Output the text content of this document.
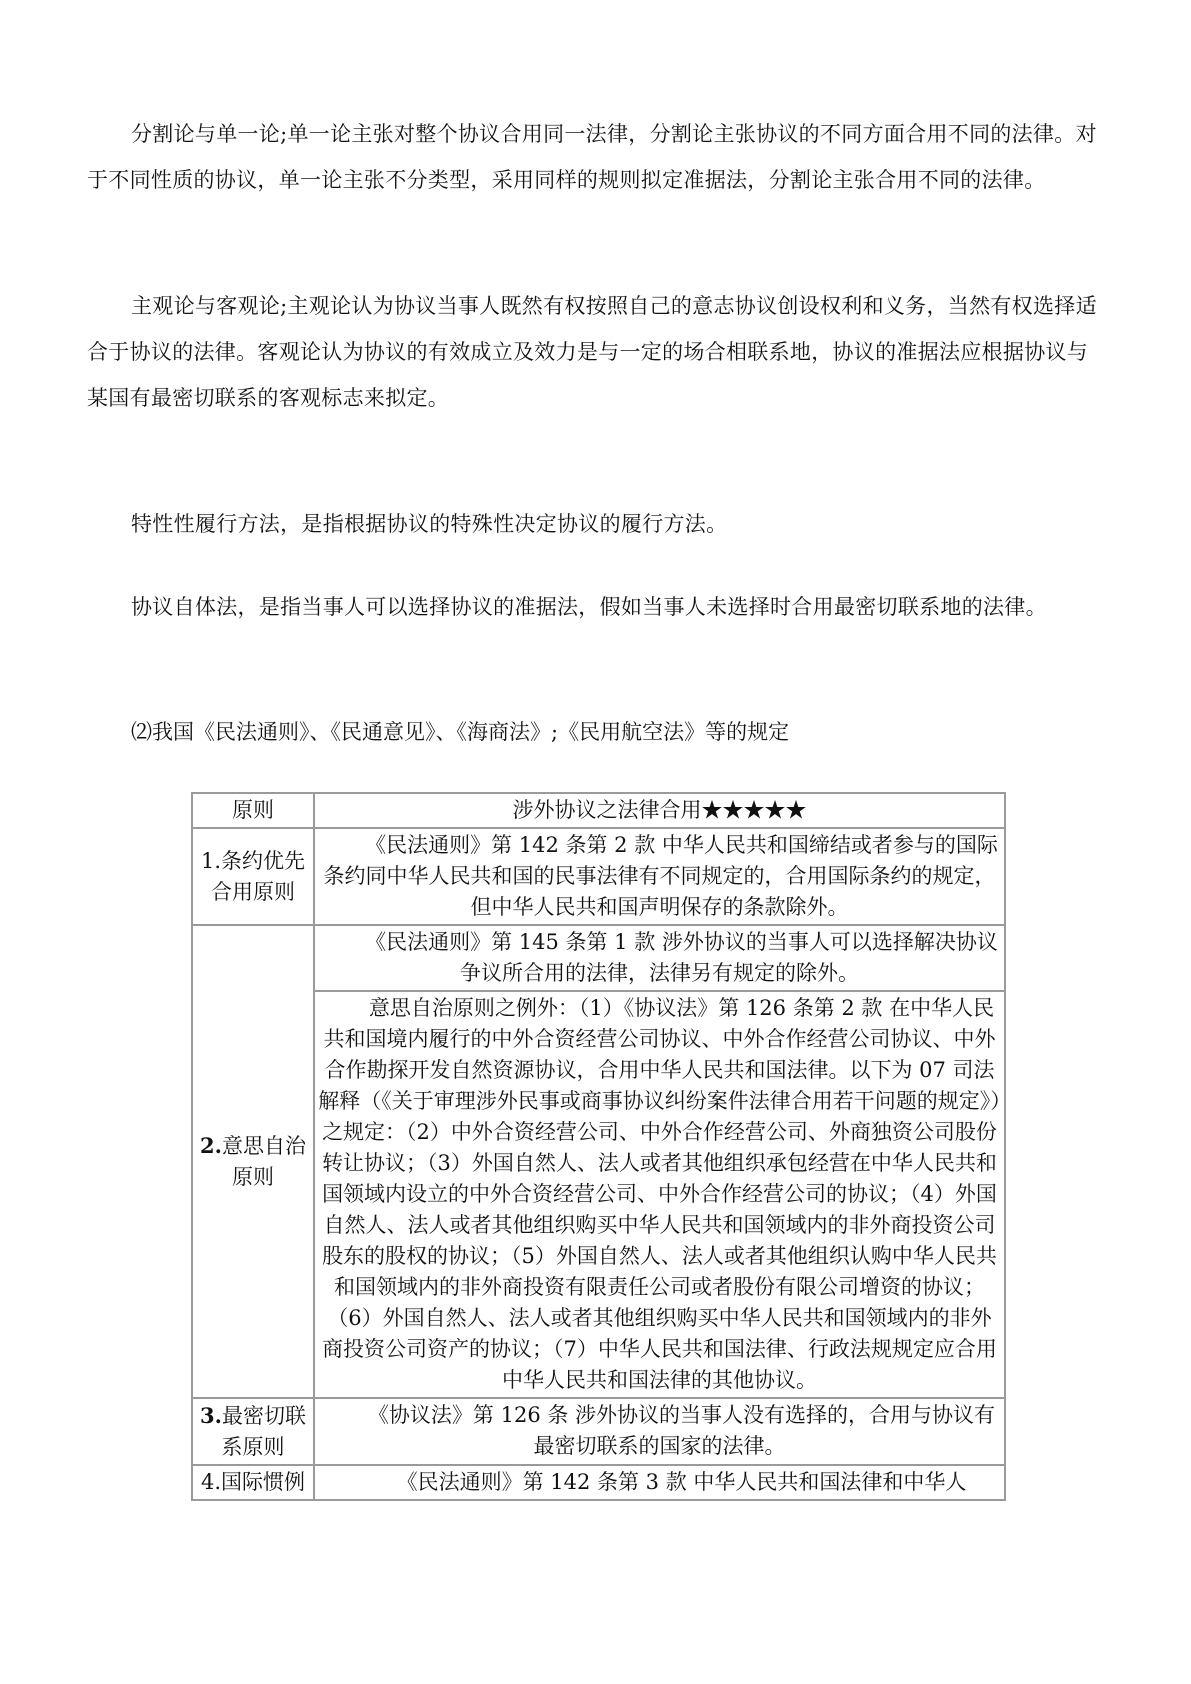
分割论与单一论;单一论主张对整个协议合用同一法律，分割论主张协议的不同方面合用不同的法律。对于不同性质的协议，单一论主张不分类型，采用同样的规则拟定准据法，分割论主张合用不同的法律。

主观论与客观论;主观论认为协议当事人既然有权按照自己的意志协议创设权利和义务，当然有权选择适合于协议的法律。客观论认为协议的有效成立及效力是与一定的场合相联系地，协议的准据法应根据协议与某国有最密切联系的客观标志来拟定。

特性性履行方法，是指根据协议的特殊性决定协议的履行方法。

协议自体法，是指当事人可以选择协议的准据法，假如当事人未选择时合用最密切联系地的法律。

⑵我国《民法通则》、《民通意见》、《海商法》;《民用航空法》等的规定

原则	涉外协议之法律合用★★★★★
1.条约优先合用原则	《民法通则》第 142 条第 2 款 中华人民共和国缔结或者参与的国际条约同中华人民共和国的民事法律有不同规定的，合用国际条约的规定，但中华人民共和国声明保存的条款除外。
2.意思自治原则	《民法通则》第 145 条第 1 款 涉外协议的当事人可以选择解决协议争议所合用的法律，法律另有规定的除外。
	意思自治原则之例外：（1）《协议法》第 126 条第 2 款 在中华人民共和国境内履行的中外合资经营公司协议、中外合作经营公司协议、中外合作勘探开发自然资源协议，合用中华人民共和国法律。以下为 07 司法解释（《关于审理涉外民事或商事协议纠纷案件法律合用若干问题的规定》）之规定：（2）中外合资经营公司、中外合作经营公司、外商独资公司股份转让协议；（3）外国自然人、法人或者其他组织承包经营在中华人民共和国领域内设立的中外合资经营公司、中外合作经营公司的协议；（4）外国自然人、法人或者其他组织购买中华人民共和国领域内的非外商投资公司股东的股权的协议；（5）外国自然人、法人或者其他组织认购中华人民共和国领域内的非外商投资有限责任公司或者股份有限公司增资的协议；（6）外国自然人、法人或者其他组织购买中华人民共和国领域内的非外商投资公司资产的协议；（7）中华人民共和国法律、行政法规规定应合用中华人民共和国法律的其他协议。
3.最密切联系原则	《协议法》第 126 条 涉外协议的当事人没有选择的，合用与协议有最密切联系的国家的法律。
4.国际惯例	《民法通则》第 142 条第 3 款 中华人民共和国法律和中华人
